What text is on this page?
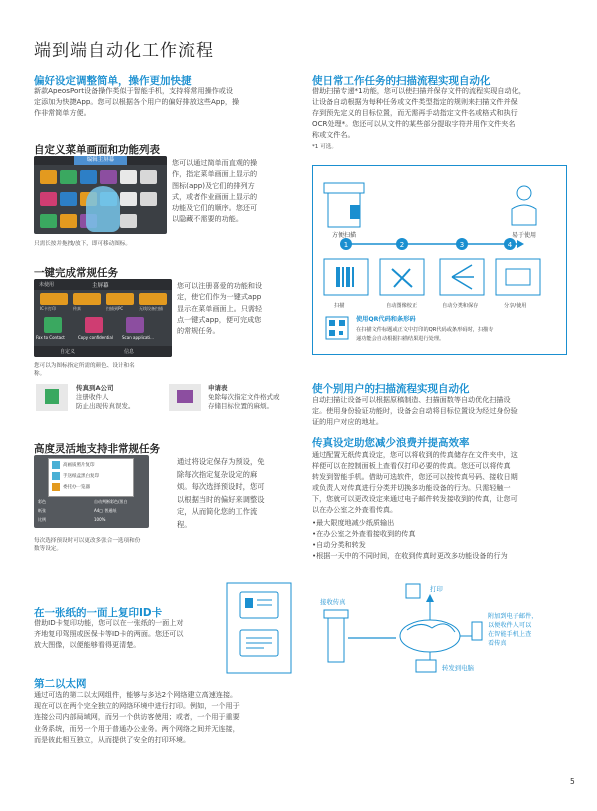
端到端自动化工作流程
偏好设定调整简单，操作更加快捷
新款ApeosPort设备操作类似于智能手机，支持将常用操作或设
定添加为快捷App。您可以根据各个用户的偏好排放这些App，操
作非常简单方便。
自定义菜单画面和功能列表
编辑主屏幕	您可以通过简单而直观的操
作，指定菜单画面上显示的
图标(app)及它们的排列方
式，或者作业画面上显示的
功能及它们的顺序。您还可
以隐藏不需要的功能。
只需长按并拖拽/放下，即可移动图标。
一键完成常规任务
未使用	主屏幕
IC卡打印	传真	扫描到PC	无线设备扫描
Fax to Contact	Copy confidential	Scan applicati...
自定义	信息
您可以注册喜爱的功能和设
定，使它们作为一键式app
显示在菜单画面上。只需轻
点一键式app，便可完成您
的常规任务。
您可以为图标指定所需的颜色、设计和名
称。
传真到A公司
注册收件人
防止出现传真误发。
申请表
免除每次指定文件格式或
存储目标位置的麻烦。
高度灵活地支持非常规任务
高画质照片复印
手送纸盒黑白复印
委托办一览器
彩色	自动判断彩色/黑白
纸张	A4□ 普通纸
比例	100%
通过将设定保存为预设，免
除每次指定复杂设定的麻
烦。每次选择预设时，您可
以根据当时的偏好来调整设
定，从而简化您的工作流
程。
每次选择预设时可以更改多张合一选项和份
数等设定。
在一张纸的一面上复印ID卡
借助ID卡复印功能，您可以在一张纸的一面上对
齐地复印驾照或医保卡等ID卡的两面。您还可以
放大图像，以便能够看得更清楚。
第二以太网
通过可选的第二以太网组件，能够与多达2个网络建立高速连接。
现在可以在两个完全独立的网络环境中进行打印。例如，一个用于
连接公司内部局域网，而另一个供访客使用；或者，一个用于重要
业务系统，而另一个用于普通办公业务。两个网络之间并无连接，
而是彼此相互独立，从而提供了安全的打印环境。
使日常工作任务的扫描流程实现自动化
借助扫描专递*1功能，您可以使扫描并保存文件的流程实现自动化，
让设备自动根据为每种任务或文件类型指定的规则来扫描文件并保
存到预先定义的目标位置，而无需再手动指定文件名或格式和执行
OCR处理*。您还可以从文件的某些部分提取字符并用作文件夹名
称或文件名。
*1 可选。
1	2	3	4
方便扫描	易于使用
扫描	自动图像校正	自动分类和保存	分享/使用
使用QR代码和条形码
在扫描文件标题或正文中打印的QR代码或条形码时，扫描专
递功能会自动根据扫描结果进行处理。
使个别用户的扫描流程实现自动化
自动扫描让设备可以根据原稿制造、扫描面数等自动优化扫描设
定。使用身份验证功能时，设备会自动将目标位置设为经过身份验
证的用户对应的地址。
传真设定助您减少浪费并提高效率
通过配置无纸传真设定，您可以将收到的传真储存在文件夹中，这
样便可以在控制面板上查看仅打印必要的传真。您还可以将传真
转发到智能手机。借助可选软件，您还可以按传真号码、接收日期
或负责人对传真进行分类并切换多功能设备的行为。只需轻触一
下，您就可以更改设定来通过电子邮件转发接收到的传真，让您可
以在办公室之外查看传真。
•最大限度地减少纸质输出
•在办公室之外查看接收到的传真
•自动分类和转发
•根据一天中的不同时间，在收到传真时更改多功能设备的行为
接收传真
打印
附加到电子邮件，
以便收件人可以
在智能手机上查
看传真
转发到电脑
5
